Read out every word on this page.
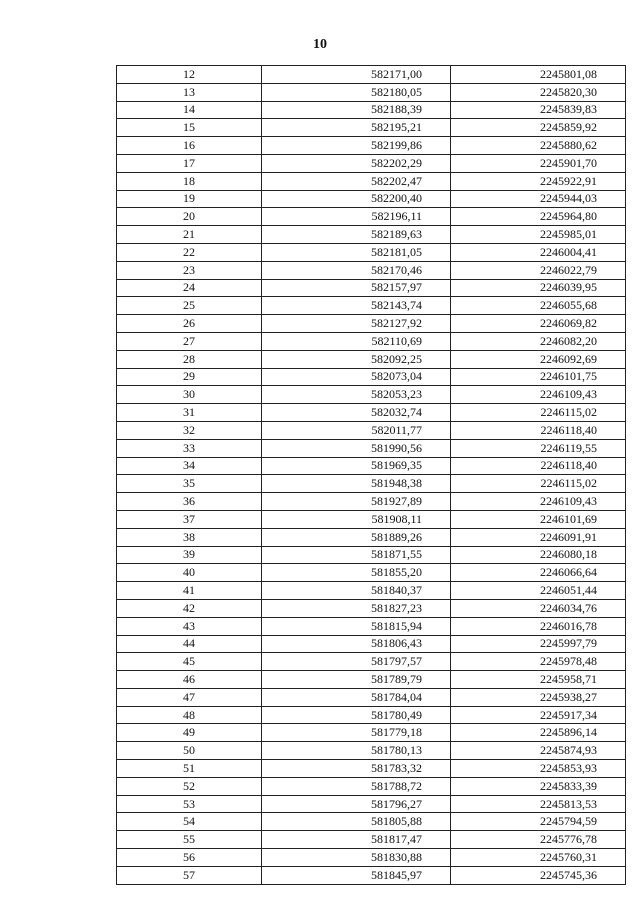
10
12	582171,00	2245801,08
13	582180,05	2245820,30
14	582188,39	2245839,83
15	582195,21	2245859,92
16	582199,86	2245880,62
17	582202,29	2245901,70
18	582202,47	2245922,91
19	582200,40	2245944,03
20	582196,11	2245964,80
21	582189,63	2245985,01
22	582181,05	2246004,41
23	582170,46	2246022,79
24	582157,97	2246039,95
25	582143,74	2246055,68
26	582127,92	2246069,82
27	582110,69	2246082,20
28	582092,25	2246092,69
29	582073,04	2246101,75
30	582053,23	2246109,43
31	582032,74	2246115,02
32	582011,77	2246118,40
33	581990,56	2246119,55
34	581969,35	2246118,40
35	581948,38	2246115,02
36	581927,89	2246109,43
37	581908,11	2246101,69
38	581889,26	2246091,91
39	581871,55	2246080,18
40	581855,20	2246066,64
41	581840,37	2246051,44
42	581827,23	2246034,76
43	581815,94	2246016,78
44	581806,43	2245997,79
45	581797,57	2245978,48
46	581789,79	2245958,71
47	581784,04	2245938,27
48	581780,49	2245917,34
49	581779,18	2245896,14
50	581780,13	2245874,93
51	581783,32	2245853,93
52	581788,72	2245833,39
53	581796,27	2245813,53
54	581805,88	2245794,59
55	581817,47	2245776,78
56	581830,88	2245760,31
57	581845,97	2245745,36
